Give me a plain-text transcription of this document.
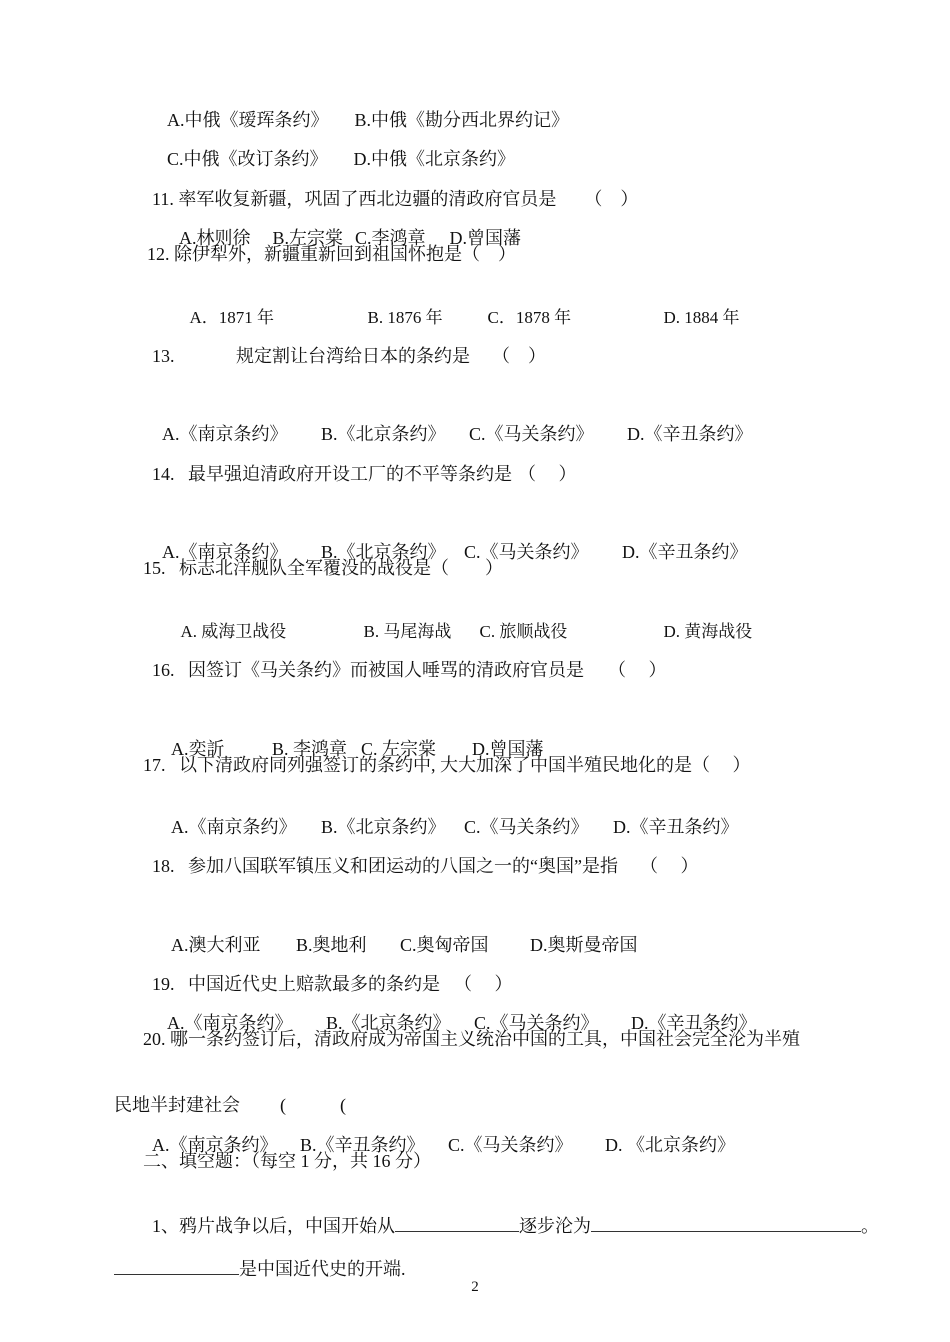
A.中俄《瑷珲条约》 B.中俄《勘分西北界约记》

C.中俄《改订条约》 D.中俄《北京条约》

11. 率军收复新疆，巩固了西北边疆的清政府官员是 （    ）

A.林则徐 B.左宗棠 C.李鸿章 D.曾国藩

12. 除伊犁外，新疆重新回到祖国怀抱是（    ）

A．1871 年	B. 1876 年	C．1878 年	D. 1884 年

13.	规定割让台湾给日本的条约是 （    ）

A.《南京条约》 B.《北京条约》 C.《马关条约》 D.《辛丑条约》

14.   最早强迫清政府开设工厂的不平等条约是 （     ）

A.《南京条约》 B.《北京条约》 C.《马关条约》 D.《辛丑条约》

15.   标志北洋舰队全军覆没的战役是（        ）

A. 威海卫战役	B. 马尾海战 C. 旅顺战役	D. 黄海战役

16.   因签订《马关条约》而被国人唾骂的清政府官员是 （     ）

A.奕訢	B. 李鸿章 C. 左宗棠 D.曾国藩

17.   以下清政府同列强签订的条约中, 大大加深了中国半殖民地化的是（     ）

A.《南京条约》 B.《北京条约》 C.《马关条约》 D.《辛丑条约》

18.   参加八国联军镇压义和团运动的八国之一的“奥国”是指 （     ）

A.澳大利亚 B.奥地利 C.奥匈帝国 D.奥斯曼帝国

19.   中国近代史上赔款最多的条约是 （     ）

A.《南京条约》 B.《北京条约》 C.《马关条约》 D.《辛丑条约》

20. 哪一条约签订后，清政府成为帝国主义统治中国的工具，中国社会完全沦为半殖

民地半封建社会 (            (

A.《南京条约》 B.《辛丑条约》 C.《马关条约》 D. 《北京条约》

二、填空题：（每空 1 分，共 16 分）

1、鸦片战争以后，中国开始从	逐步沦为	。

是中国近代史的开端.

2
